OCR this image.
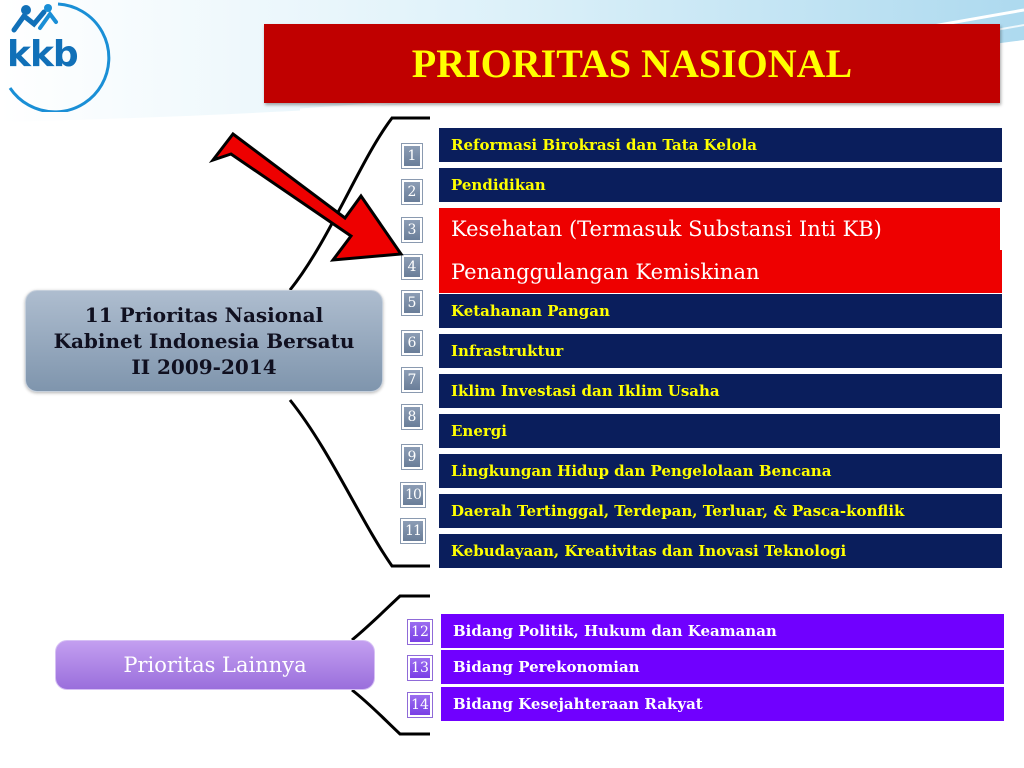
kkb	PRIORITAS NASIONAL
11 Prioritas Nasional Kabinet Indonesia Bersatu II 2009-2014
Prioritas Lainnya
1
2
3
4
5
6
7
8
9
10
11
Reformasi Birokrasi dan Tata Kelola
Pendidikan
Kesehatan (Termasuk Substansi Inti KB)
Penanggulangan Kemiskinan
Ketahanan Pangan
Infrastruktur
Iklim Investasi dan Iklim Usaha
Energi
Lingkungan Hidup dan Pengelolaan Bencana
Daerah Tertinggal, Terdepan, Terluar, & Pasca-konflik
Kebudayaan, Kreativitas dan Inovasi Teknologi
12
13
14
Bidang Politik, Hukum dan Keamanan
Bidang Perekonomian
Bidang Kesejahteraan Rakyat
